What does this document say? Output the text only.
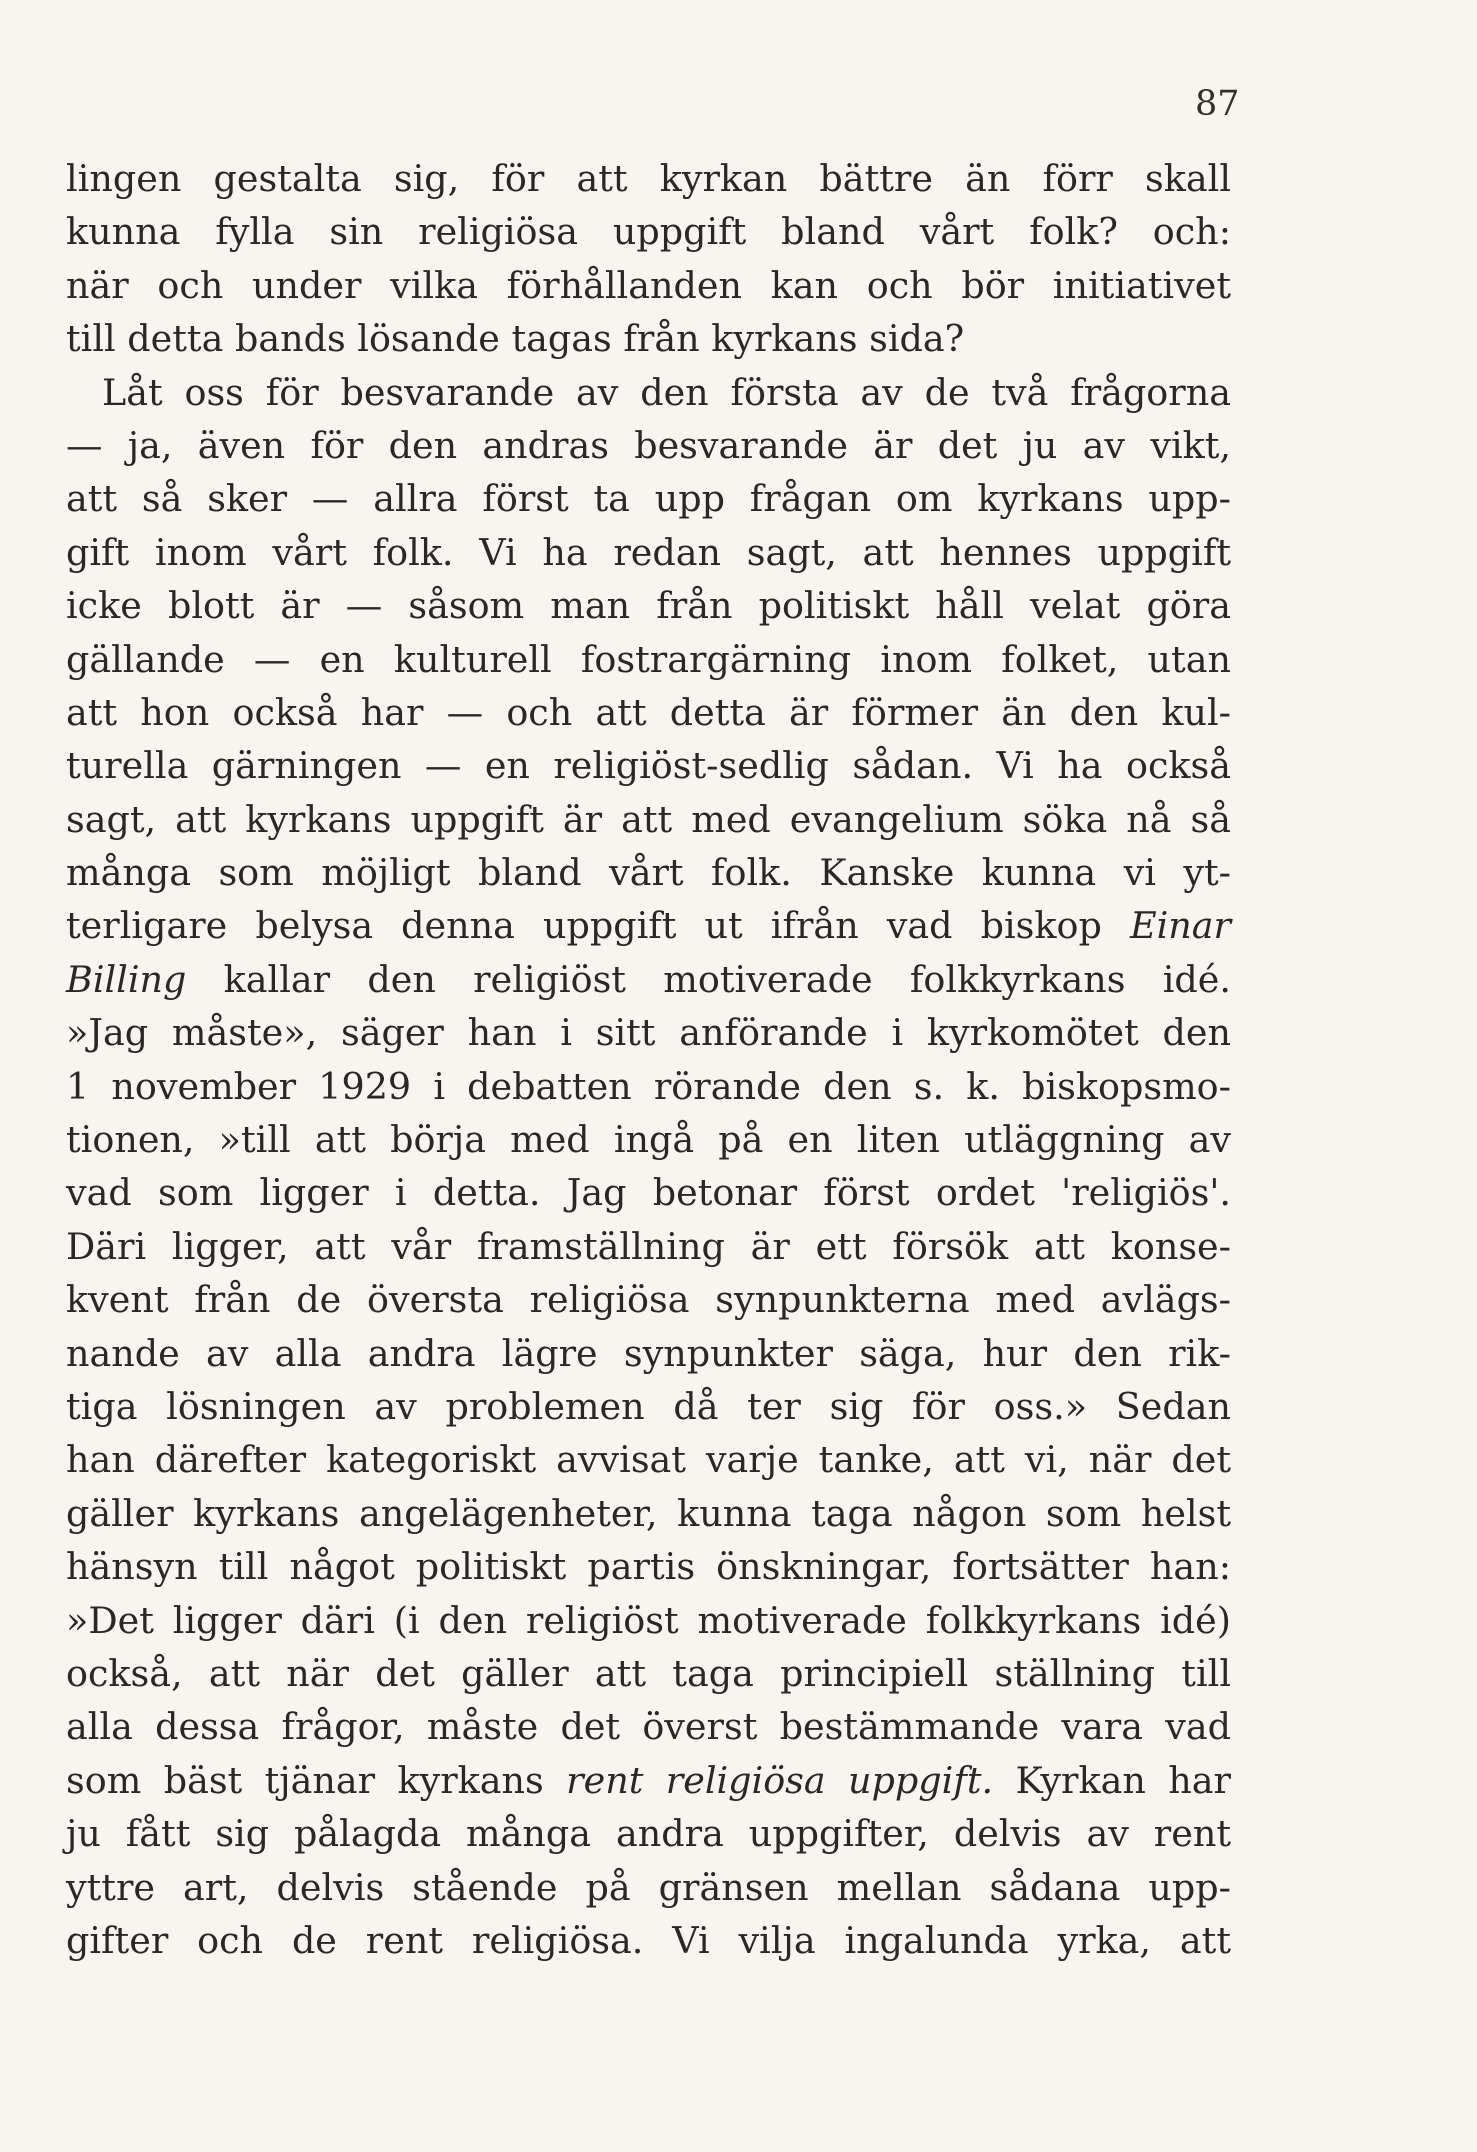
87
lingen gestalta sig, för att kyrkan bättre än förr skall
kunna fylla sin religiösa uppgift bland vårt folk? och:
när och under vilka förhållanden kan och bör initiativet
till detta bands lösande tagas från kyrkans sida?
Låt oss för besvarande av den första av de två frågorna
— ja, även för den andras besvarande är det ju av vikt,
att så sker — allra först ta upp frågan om kyrkans upp-
gift inom vårt folk. Vi ha redan sagt, att hennes uppgift
icke blott är — såsom man från politiskt håll velat göra
gällande — en kulturell fostrargärning inom folket, utan
att hon också har — och att detta är förmer än den kul-
turella gärningen — en religiöst-sedlig sådan. Vi ha också
sagt, att kyrkans uppgift är att med evangelium söka nå så
många som möjligt bland vårt folk. Kanske kunna vi yt-
terligare belysa denna uppgift ut ifrån vad biskop Einar
Billing kallar den religiöst motiverade folkkyrkans idé.
»Jag måste», säger han i sitt anförande i kyrkomötet den
1 november 1929 i debatten rörande den s. k. biskopsmo-
tionen, »till att börja med ingå på en liten utläggning av
vad som ligger i detta. Jag betonar först ordet 'religiös'.
Däri ligger, att vår framställning är ett försök att konse-
kvent från de översta religiösa synpunkterna med avlägs-
nande av alla andra lägre synpunkter säga, hur den rik-
tiga lösningen av problemen då ter sig för oss.» Sedan
han därefter kategoriskt avvisat varje tanke, att vi, när det
gäller kyrkans angelägenheter, kunna taga någon som helst
hänsyn till något politiskt partis önskningar, fortsätter han:
»Det ligger däri (i den religiöst motiverade folkkyrkans idé)
också, att när det gäller att taga principiell ställning till
alla dessa frågor, måste det överst bestämmande vara vad
som bäst tjänar kyrkans rent religiösa uppgift. Kyrkan har
ju fått sig pålagda många andra uppgifter, delvis av rent
yttre art, delvis stående på gränsen mellan sådana upp-
gifter och de rent religiösa. Vi vilja ingalunda yrka, att
